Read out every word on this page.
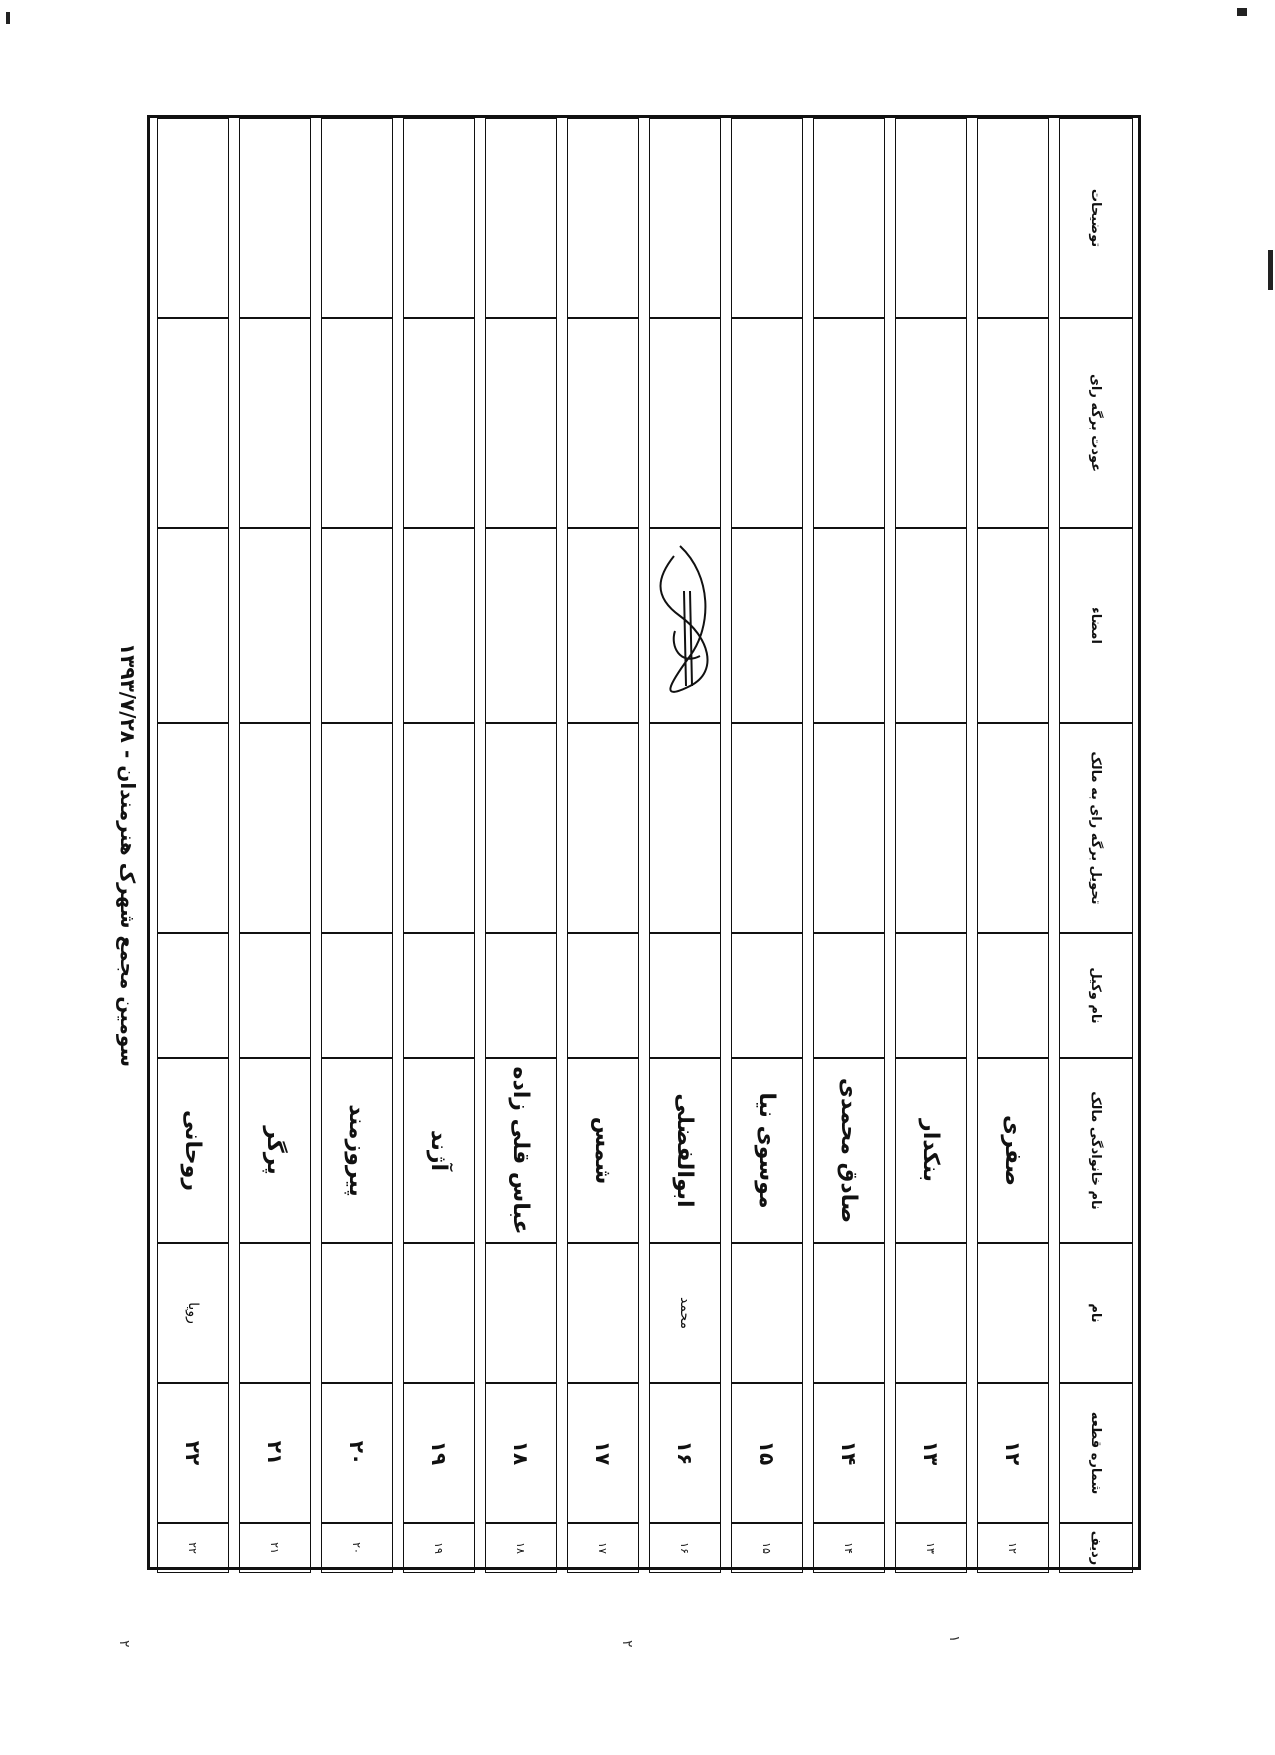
سومین مجمع شهرک هنرمندان - ۱۳۹۳/۷/۲۸
ردیف
شماره قطعه
نام
نام خانوادگی مالک
نام وکیل
تحویل برگه رای به مالک
امضاء
عودت برگه رای
توضیحات
۱۲
۱۲
صفری
۱۳
۱۳
بنکدار
۱۴
۱۴
صادق محمدی
۱۵
۱۵
موسوی نیا
۱۶
۱۶
محمد
ابوالفضلی
۱۷
۱۷
شمس
۱۸
۱۸
عباس قلی زاده
۱۹
۱۹
آژند
۲۰
۲۰
پیروزمند
۲۱
۲۱
پرگر
۲۲
۲۲
رویا
روحانی
۲	۲
۱
